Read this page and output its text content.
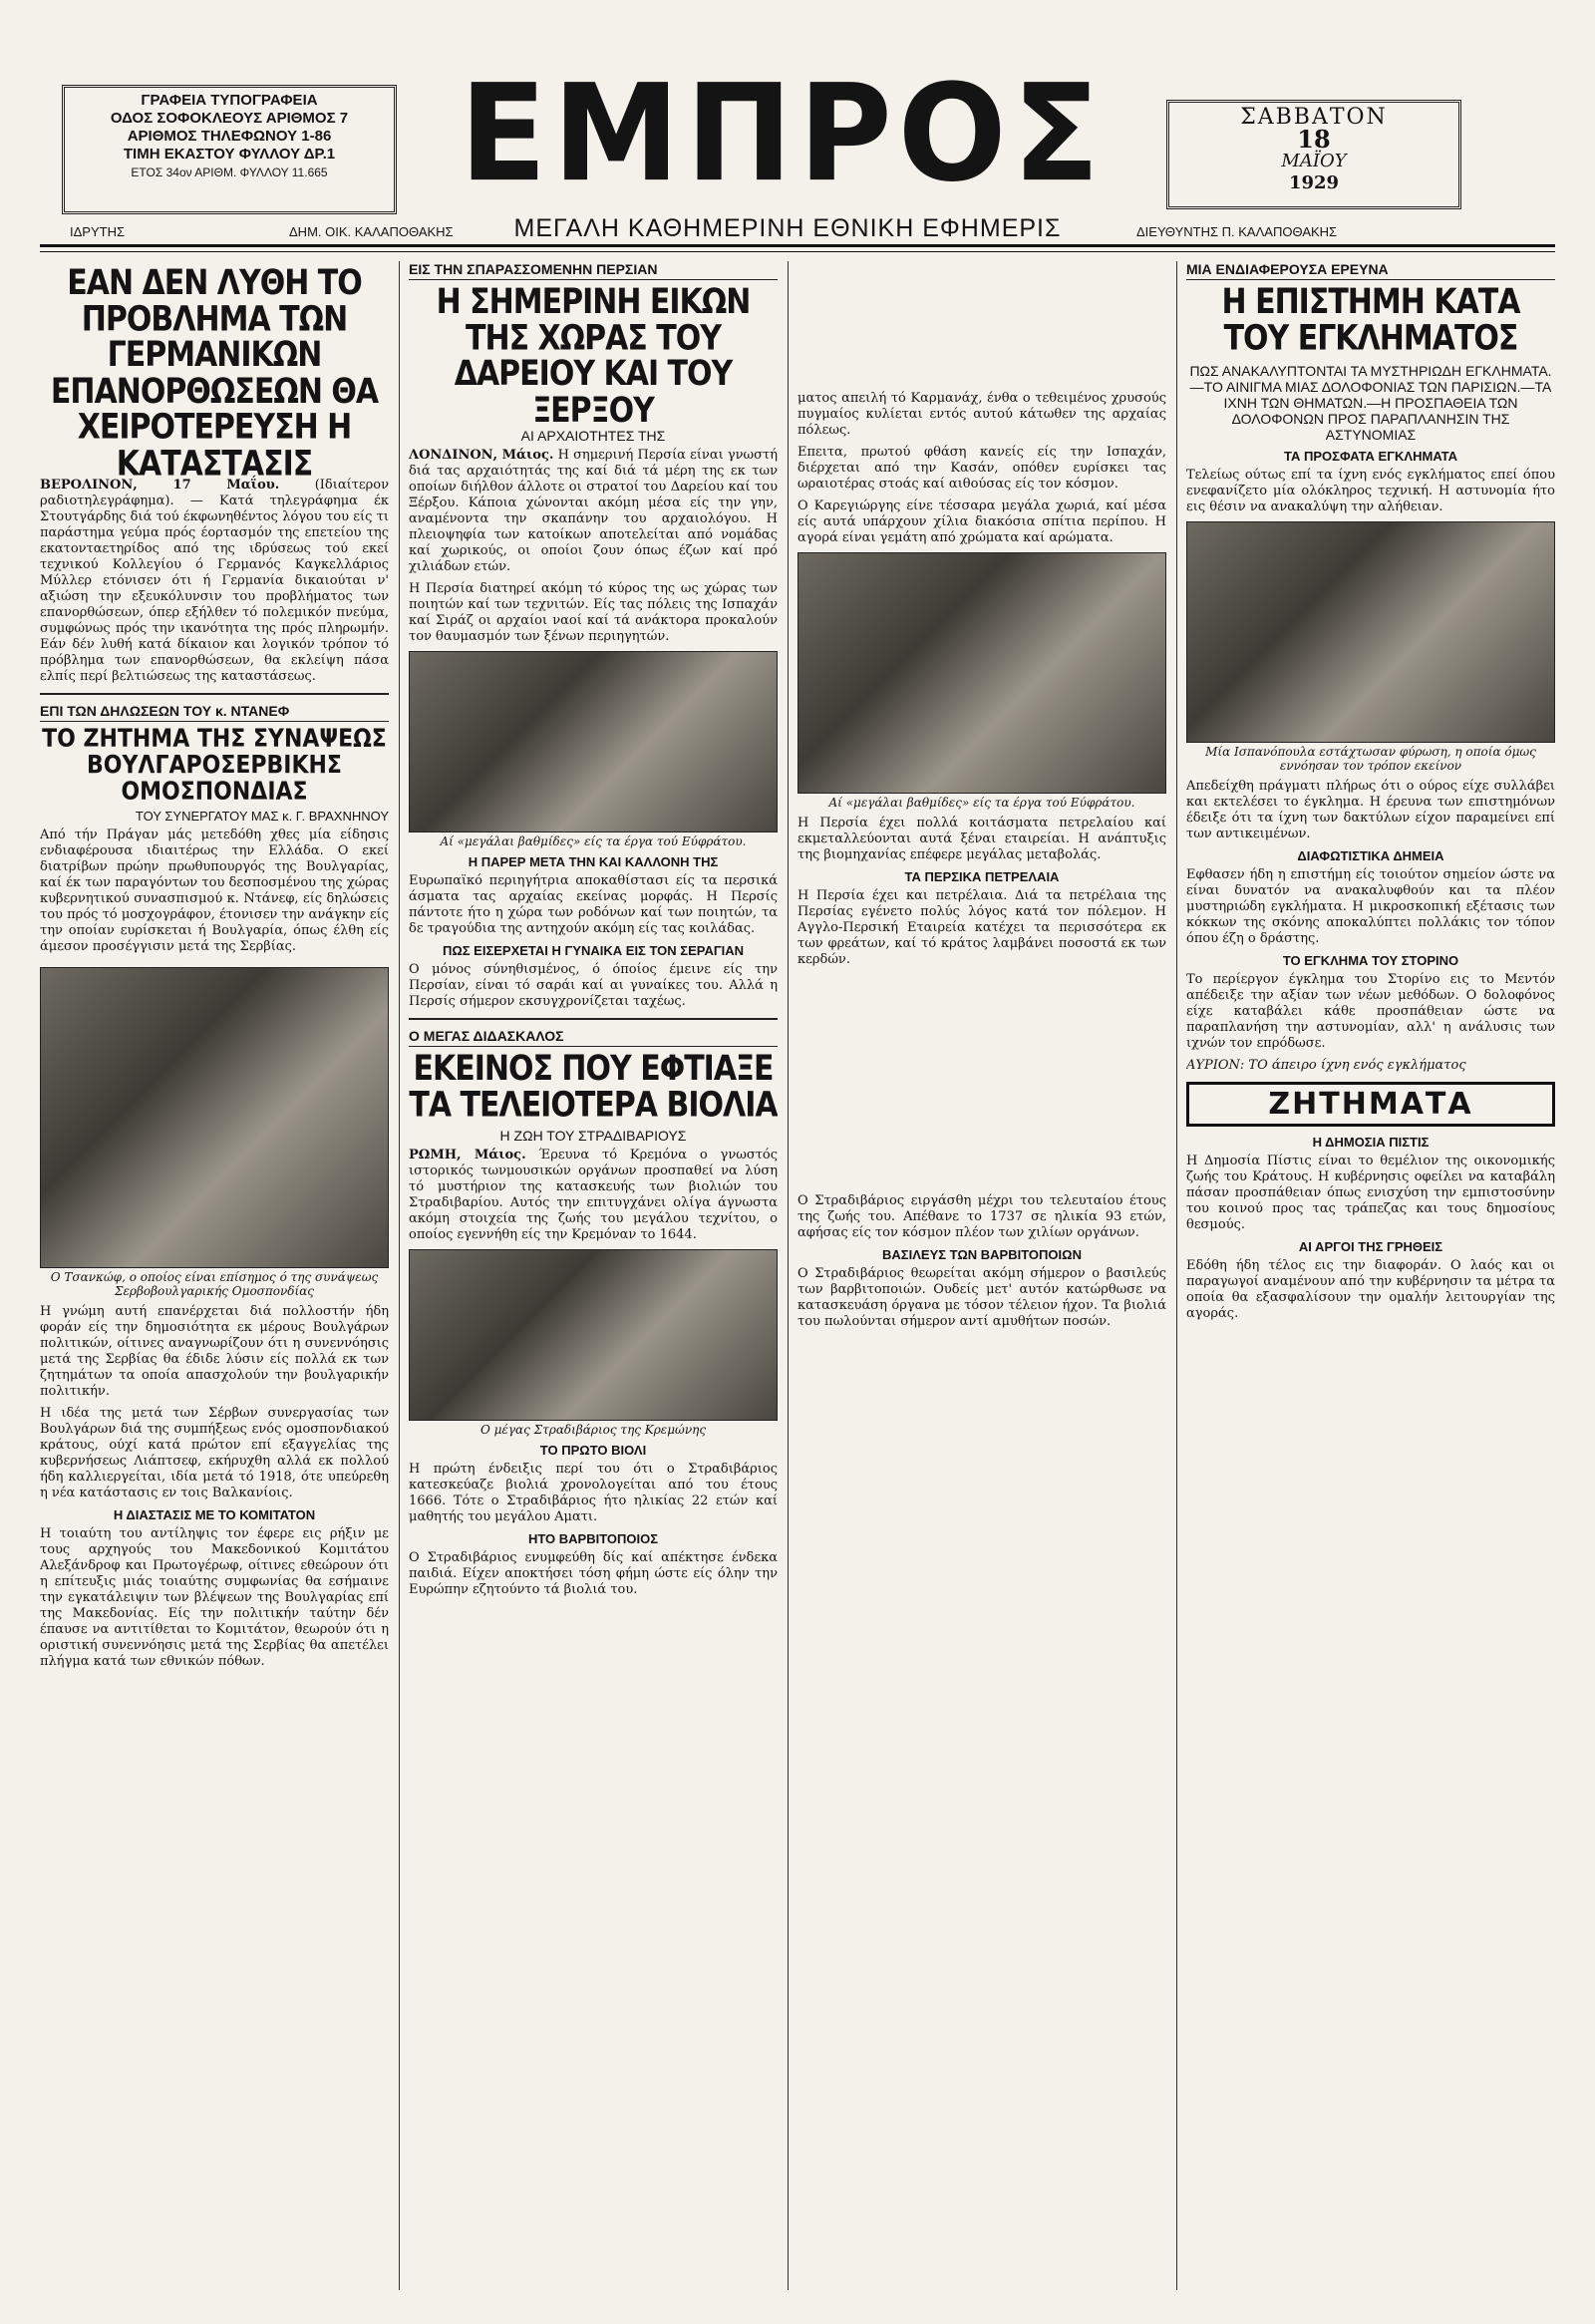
ΓΡΑΦΕΙΑ ΤΥΠΟΓΡΑΦΕΙΑ
ΟΔΟΣ ΣΟΦΟΚΛΕΟΥΣ ΑΡΙΘΜΟΣ 7
ΑΡΙΘΜΟΣ ΤΗΛΕΦΩΝΟΥ 1-86
ΤΙΜΗ ΕΚΑΣΤΟΥ ΦΥΛΛΟΥ ΔΡ.1
ΕΤΟΣ 34ον ΑΡΙΘΜ. ΦΥΛΛΟΥ 11.665	ΕΜΠΡΟΣ	ΣΑΒΒΑΤΟΝ
18
ΜΑΪΟΥ
1929
ΙΔΡΥΤΗΣ	ΔΗΜ. ΟΙΚ. ΚΑΛΑΠΟΘΑΚΗΣ	ΜΕΓΑΛΗ ΚΑΘΗΜΕΡΙΝΗ ΕΘΝΙΚΗ ΕΦΗΜΕΡΙΣ	ΔΙΕΥΘΥΝΤΗΣ Π. ΚΑΛΑΠΟΘΑΚΗΣ
ΕΑΝ ΔΕΝ ΛΥΘΗ ΤΟ ΠΡΟΒΛΗΜΑ ΤΩΝ ΓΕΡΜΑΝΙΚΩΝ ΕΠΑΝΟΡΘΩΣΕΩΝ ΘΑ ΧΕΙΡΟΤΕΡΕΥΣΗ Η ΚΑΤΑΣΤΑΣΙΣ

ΒΕΡΟΛΙΝΟΝ, 17 Μαΐου.	(Ιδιαίτερον ραδιοτηλεγράφημα). — Κατά τηλεγράφημα έκ Στουτγάρδης διά τού έκφωνηθέντος λόγου του είς τι παράστημα γεύμα πρός έορτασμόν της επετείου της εκατονταετηρίδος από της ιδρύσεως τού εκεί τεχνικού Κολλεγίου ό Γερμανός Καγκελλάριος Μύλλερ ετόνισεν ότι ή Γερμανία δικαιούται ν' αξιώση την εξευκόλυνσιν του προβλήματος των επανορθώσεων, όπερ εξήλθεν τό πολεμικόν πνεύμα, συμφώνως πρός την ικανότητα της πρός πληρωμήν. Εάν δέν λυθή κατά δίκαιον και λογικόν τρόπον τό πρόβλημα των επανορθώσεων, θα εκλείψη πάσα ελπίς περί βελτιώσεως της καταστάσεως.

ΕΠΙ ΤΩΝ ΔΗΛΩΣΕΩΝ ΤΟΥ κ. ΝΤΑΝΕΦ
ΤΟ ΖΗΤΗΜΑ ΤΗΣ ΣΥΝΑΨΕΩΣ ΒΟΥΛΓΑΡΟΣΕΡΒΙΚΗΣ ΟΜΟΣΠΟΝΔΙΑΣ
ΤΟΥ ΣΥΝΕΡΓΑΤΟΥ ΜΑΣ κ. Γ. ΒΡΑΧΝΗΝΟΥ

Από τήν Πράγαν μάς μετεδόθη χθες μία είδησις ενδιαφέρουσα ιδιαιτέρως την Ελλάδα. Ο εκεί διατρίβων πρώην πρωθυπουργός της Βουλγαρίας, καί έκ των παραγόντων του δεσποσμένου της χώρας κυβερνητικού συνασπισμού κ. Ντάνεφ, είς δηλώσεις του πρός τό μοσχογράφον, έτονισεν την ανάγκην είς την οποίαν ευρίσκεται ή Βουλγαρία, όπως έλθη είς άμεσον προσέγγισιν μετά της Σερβίας.

Ο Τσανκώφ, ο οποίος είναι επίσημος ό της συνάψεως Σερβοβουλγαρικής Ομοσπονδίας

Η γνώμη αυτή επανέρχεται διά πολλοστήν ήδη φοράν είς την δημοσιότητα εκ μέρους Βουλγάρων πολιτικών, οίτινες αναγνωρίζουν ότι η συνεννόησις μετά της Σερβίας θα έδιδε λύσιν είς πολλά εκ των ζητημάτων τα οποία απασχολούν την βουλγαρικήν πολιτικήν.

Η ιδέα της μετά των Σέρβων συνεργασίας των Βουλγάρων διά της συμπήξεως ενός ομοσπονδιακού κράτους, ούχί κατά πρώτον επί εξαγγελίας της κυβερνήσεως Λιάπτσεφ, εκήρυχθη αλλά εκ πολλού ήδη καλλιεργείται, ιδία μετά τό 1918, ότε υπεύρεθη η νέα κατάστασις εν τοις Βαλκανίοις.

Η ΔΙΑΣΤΑΣΙΣ ΜΕ ΤΟ ΚΟΜΙΤΑΤΟΝ

Η τοιαύτη του αντίληψις τον έφερε εις ρήξιν με τους αρχηγούς του Μακεδονικού Κομιτάτου Αλεξάνδροφ και Πρωτογέρωφ, οίτινες εθεώρουν ότι η επίτευξις μιάς τοιαύτης συμφωνίας θα εσήμαινε την εγκατάλειψιν των βλέψεων της Βουλγαρίας επί της Μακεδονίας. Είς την πολιτικήν ταύτην δέν έπαυσε να αντιτίθεται το Κομιτάτον, θεωρούν ότι η οριστική συνεννόησις μετά της Σερβίας θα απετέλει πλήγμα κατά των εθνικών πόθων.

ΕΙΣ ΤΗΝ ΣΠΑΡΑΣΣΟΜΕΝΗΝ ΠΕΡΣΙΑΝ
Η ΣΗΜΕΡΙΝΗ ΕΙΚΩΝ ΤΗΣ ΧΩΡΑΣ ΤΟΥ ΔΑΡΕΙΟΥ ΚΑΙ ΤΟΥ ΞΕΡΞΟΥ
ΑΙ ΑΡΧΑΙΟΤΗΤΕΣ ΤΗΣ

ΛΟΝΔΙΝΟΝ, Μάιος. Η σημερινή Περσία είναι γνωστή διά τας αρχαιότητάς της καί διά τά μέρη της εκ των οποίων διήλθον άλλοτε οι στρατοί του Δαρείου καί του Ξέρξου. Κάποια χώνονται ακόμη μέσα είς την γην, αναμένοντα την σκαπάνην του αρχαιολόγου. Η πλειοψηφία των κατοίκων αποτελείται από νομάδας καί χωρικούς, οι οποίοι ζουν όπως έζων καί πρό χιλιάδων ετών.

Η Περσία διατηρεί ακόμη τό κύρος της ως χώρας των ποιητών καί των τεχνιτών. Είς τας πόλεις της Ισπαχάν καί Σιράζ οι αρχαίοι ναοί καί τά ανάκτορα προκαλούν τον θαυμασμόν των ξένων περιηγητών.

Αί «μεγάλαι βαθμίδες» είς τα έργα τού Εύφράτου.
Η ΠΑΡΕΡ ΜΕΤΑ ΤΗΝ ΚΑΙ ΚΑΛΛΟΝΗ ΤΗΣ

Ευρωπαϊκό περιηγήτρια αποκαθίστασι είς τα περσικά άσματα τας αρχαίας εκείνας μορφάς. Η Περσίς πάντοτε ήτο η χώρα των ροδόνων καί των ποιητών, τα δε τραγούδια της αντηχούν ακόμη είς τας κοιλάδας.

ΠΩΣ ΕΙΣΕΡΧΕΤΑΙ Η ΓΥΝΑΙΚΑ ΕΙΣ ΤΟΝ ΣΕΡΑΓΙΑΝ

Ο μόνος σύνηθισμένος, ό όποίος έμεινε είς την Περσίαν, είναι τό σαράι καί αι γυναίκες του. Αλλά η Περσίς σήμερον εκσυγχρονίζεται ταχέως.

Ο ΜΕΓΑΣ ΔΙΔΑΣΚΑΛΟΣ
ΕΚΕΙΝΟΣ ΠΟΥ ΕΦΤΙΑΞΕ ΤΑ ΤΕΛΕΙΟΤΕΡΑ ΒΙΟΛΙΑ
Η ΖΩΗ ΤΟΥ ΣΤΡΑΔΙΒΑΡΙΟΥΣ

ΡΩΜΗ, Μάιος. Έρευνα τό Κρεμόνα ο γνωστός ιστορικός τωνμουσικών οργάνων προσπαθεί να λύση τό μυστήριον της κατασκευής των βιολιών του Στραδιβαρίου. Αυτός την επιτυγχάνει ολίγα άγνωστα ακόμη στοιχεία της ζωής του μεγάλου τεχνίτου, ο οποίος εγεννήθη είς την Κρεμόναν το 1644.

Ο μέγας Στραδιβάριος της Κρεμώνης
ΤΟ ΠΡΩΤΟ ΒΙΟΛΙ

Η πρώτη ένδειξις περί του ότι ο Στραδιβάριος κατεσκεύαζε βιολιά χρονολογείται από του έτους 1666. Τότε ο Στραδιβάριος ήτο ηλικίας 22 ετών καί μαθητής του μεγάλου Αματι.

ΗΤΟ ΒΑΡΒΙΤΟΠΟΙΟΣ

Ο Στραδιβάριος ενυμφεύθη δίς καί απέκτησε ένδεκα παιδιά. Είχεν αποκτήσει τόση φήμη ώστε είς όλην την Ευρώπην εζητούντο τά βιολιά του.

ματος απειλή τό Καρμανάχ, ένθα ο τεθειμένος χρυσούς πυγμαίος κυλίεται εντός αυτού κάτωθεν της αρχαίας πόλεως.

Επειτα, πρωτού φθάση κανείς είς την Ισπαχάν, διέρχεται από την Κασάν, οπόθεν ευρίσκει τας ωραιοτέρας στοάς καί αιθούσας είς τον κόσμον.

Ο Καρεγιώργης είνε τέσσαρα μεγάλα χωριά, καί μέσα είς αυτά υπάρχουν χίλια διακόσια σπίτια περίπου. Η αγορά είναι γεμάτη από χρώματα καί αρώματα.

Αί «μεγάλαι βαθμίδες» είς τα έργα τού Εύφράτου.

Η Περσία έχει πολλά κοιτάσματα πετρελαίου καί εκμεταλλεύονται αυτά ξέναι εταιρείαι. Η ανάπτυξις της βιομηχανίας επέφερε μεγάλας μεταβολάς.

ΤΑ ΠΕΡΣΙΚΑ ΠΕΤΡΕΛΑΙΑ

Η Περσία έχει και πετρέλαια. Διά τα πετρέλαια της Περσίας εγένετο πολύς λόγος κατά τον πόλεμον. Η Αγγλο-Περσική Εταιρεία κατέχει τα περισσότερα εκ των φρεάτων, καί τό κράτος λαμβάνει ποσοστά εκ των κερδών.

Ο Στραδιβάριος ειργάσθη μέχρι του τελευταίου έτους της ζωής του. Απέθανε το 1737 σε ηλικία 93 ετών, αφήσας είς τον κόσμον πλέον των χιλίων οργάνων.

ΒΑΣΙΛΕΥΣ ΤΩΝ ΒΑΡΒΙΤΟΠΟΙΩΝ

Ο Στραδιβάριος θεωρείται ακόμη σήμερον ο βασιλεύς των βαρβιτοποιών. Ουδείς μετ' αυτόν κατώρθωσε να κατασκευάση όργανα με τόσον τέλειον ήχον. Τα βιολιά του πωλούνται σήμερον αντί αμυθήτων ποσών.

ΜΙΑ ΕΝΔΙΑΦΕΡΟΥΣΑ ΕΡΕΥΝΑ
Η ΕΠΙΣΤΗΜΗ ΚΑΤΑ ΤΟΥ ΕΓΚΛΗΜΑΤΟΣ
ΠΩΣ ΑΝΑΚΑΛΥΠΤΟΝΤΑΙ ΤΑ ΜΥΣΤΗΡΙΩΔΗ ΕΓΚΛΗΜΑΤΑ.—ΤΟ ΑΙΝΙΓΜΑ ΜΙΑΣ ΔΟΛΟΦΟΝΙΑΣ ΤΩΝ ΠΑΡΙΣΙΩΝ.—ΤΑ ΙΧΝΗ ΤΩΝ ΘΗΜΑΤΩΝ.—Η ΠΡΟΣΠΑΘΕΙΑ ΤΩΝ ΔΟΛΟΦΟΝΩΝ ΠΡΟΣ ΠΑΡΑΠΛΑΝΗΣΙΝ ΤΗΣ ΑΣΤΥΝΟΜΙΑΣ
ΤΑ ΠΡΟΣΦΑΤΑ ΕΓΚΛΗΜΑΤΑ

Τελείως ούτως επί τα ίχνη ενός εγκλήματος επεί όπου ενεφανίζετο μία ολόκληρος τεχνική. Η αστυνομία ήτο εις θέσιν να ανακαλύψη την αλήθειαν.

Μία Ισπανόπουλα εστάχτωσαν φύρωση, η οποία όμως εννόησαν τον τρόπον εκείνον

Απεδείχθη πράγματι πλήρως ότι ο ούρος είχε συλλάβει και εκτελέσει το έγκλημα. Η έρευνα των επιστημόνων έδειξε ότι τα ίχνη των δακτύλων είχον παραμείνει επί των αντικειμένων.

ΔΙΑΦΩΤΙΣΤΙΚΑ ΔΗΜΕΙΑ

Εφθασεν ήδη η επιστήμη είς τοιούτον σημείον ώστε να είναι δυνατόν να ανακαλυφθούν και τα πλέον μυστηριώδη εγκλήματα. Η μικροσκοπική εξέτασις των κόκκων της σκόνης αποκαλύπτει πολλάκις τον τόπον όπου έζη ο δράστης.

ΤΟ ΕΓΚΛΗΜΑ ΤΟΥ ΣΤΟΡΙΝΟ

Το περίεργον έγκλημα του Στορίνο εις το Μεντόν απέδειξε την αξίαν των νέων μεθόδων. Ο δολοφόνος είχε καταβάλει κάθε προσπάθειαν ώστε να παραπλανήση την αστυνομίαν, αλλ' η ανάλυσις των ιχνών τον επρόδωσε.

ΑΥΡΙΟΝ: ΤΟ άπειρο ίχνη ενός εγκλήματος

ΖΗΤΗΜΑΤΑ
Η ΔΗΜΟΣΙΑ ΠΙΣΤΙΣ

Η Δημοσία Πίστις είναι το θεμέλιον της οικονομικής ζωής του Κράτους. Η κυβέρνησις οφείλει να καταβάλη πάσαν προσπάθειαν όπως ενισχύση την εμπιστοσύνην του κοινού προς τας τράπεζας και τους δημοσίους θεσμούς.

ΑΙ ΑΡΓΟΙ ΤΗΣ ΓΡΗΘΕΙΣ

Εδόθη ήδη τέλος εις την διαφοράν. Ο λαός και οι παραγωγοί αναμένουν από την κυβέρνησιν τα μέτρα τα οποία θα εξασφαλίσουν την ομαλήν λειτουργίαν της αγοράς.
